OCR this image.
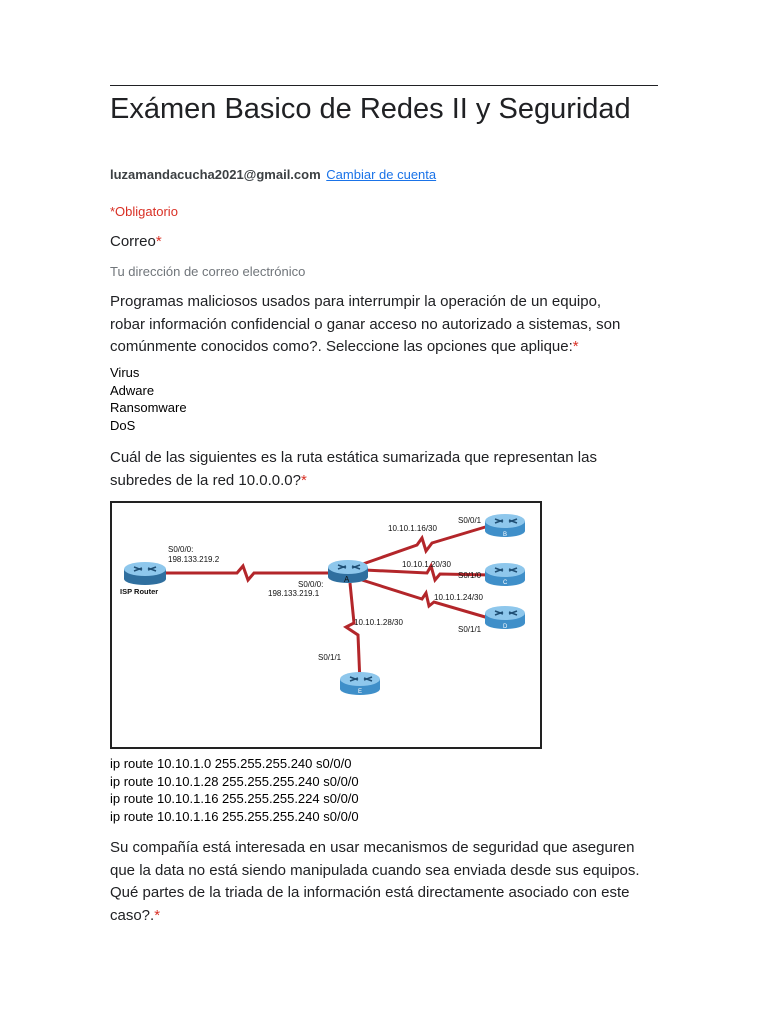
Exámen Basico de Redes II y Seguridad
luzamandacucha2021@gmail.com Cambiar de cuenta
*Obligatorio
Correo*
Tu dirección de correo electrónico
Programas maliciosos usados para interrumpir la operación de un equipo, robar información confidencial o ganar acceso no autorizado a sistemas, son comúnmente conocidos como?. Seleccione las opciones que aplique:*
Virus
Adware
Ransomware
DoS
Cuál de las siguientes es la ruta estática sumarizada que representan las subredes de la red 10.0.0.0?*
ISP Router
A
B
C
D
E
S0/0/0:
198.133.219.2
S0/0/0:
198.133.219.1
10.10.1.16/30
S0/0/1
10.10.1.20/30
S0/1/0
10.10.1.24/30
S0/1/1
10.10.1.28/30
S0/1/1
ip route 10.10.1.0 255.255.255.240 s0/0/0
ip route 10.10.1.28 255.255.255.240 s0/0/0
ip route 10.10.1.16 255.255.255.224 s0/0/0
ip route 10.10.1.16 255.255.255.240 s0/0/0
Su compañía está interesada en usar mecanismos de seguridad que aseguren que la data no está siendo manipulada cuando sea enviada desde sus equipos. Qué partes de la triada de la información está directamente asociado con este caso?.*
